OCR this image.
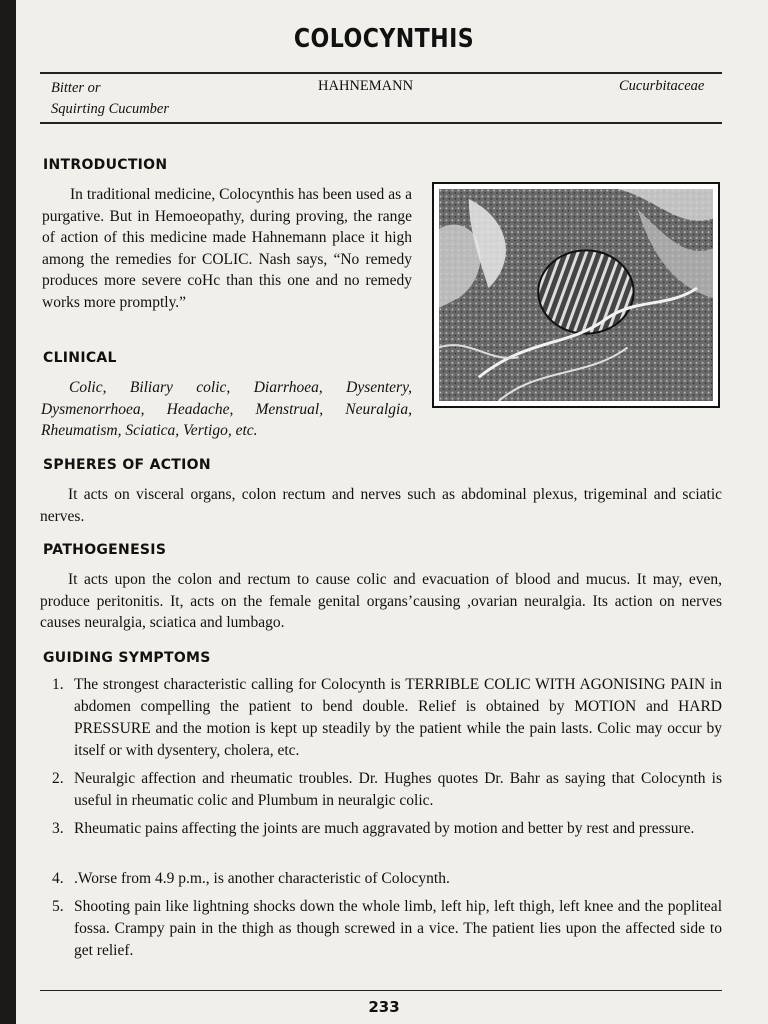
COLOCYNTHIS
Bitter or
Squirting Cucumber
HAHNEMANN	Cucurbitaceae
INTRODUCTION
In traditional medicine, Colocynthis has been used as a purgative. But in Hemoeopathy, during proving, the range of action of this medicine made Hahnemann place it high among the remedies for COLIC. Nash says, “No remedy produces more severe coHc than this one and no remedy works more promptly.”
CLINICAL
Colic, Biliary colic, Diarrhoea, Dysentery, Dysmenorrhoea, Headache, Menstrual, Neuralgia, Rheumatism, Sciatica, Vertigo, etc.
SPHERES OF ACTION
It acts on visceral organs, colon rectum and nerves such as abdominal plexus, trigeminal and sciatic nerves.
PATHOGENESIS
It acts upon the colon and rectum to cause colic and evacuation of blood and mucus. It may, even, produce peritonitis. It, acts on the female genital organs’causing ,ovarian neuralgia. Its action on nerves causes neuralgia, sciatica and lumbago.
GUIDING SYMPTOMS
1. The strongest characteristic calling for Colocynth is TERRIBLE COLIC WITH AGONISING PAIN in abdomen compelling the patient to bend double. Relief is obtained by MOTION and HARD PRESSURE and the motion is kept up steadily by the patient while the pain lasts. Colic may occur by itself or with dysentery, cholera, etc.
2. Neuralgic affection and rheumatic troubles. Dr. Hughes quotes Dr. Bahr as saying that Colocynth is useful in rheumatic colic and Plumbum in neuralgic colic.
3. Rheumatic pains affecting the joints are much aggravated by motion and better by rest and pressure.
4. .Worse from 4.9 p.m., is another characteristic of Colocynth.
5. Shooting pain like lightning shocks down the whole limb, left hip, left thigh, left knee and the popliteal fossa. Crampy pain in the thigh as though screwed in a vice. The patient lies upon the affected side to get relief.
233
